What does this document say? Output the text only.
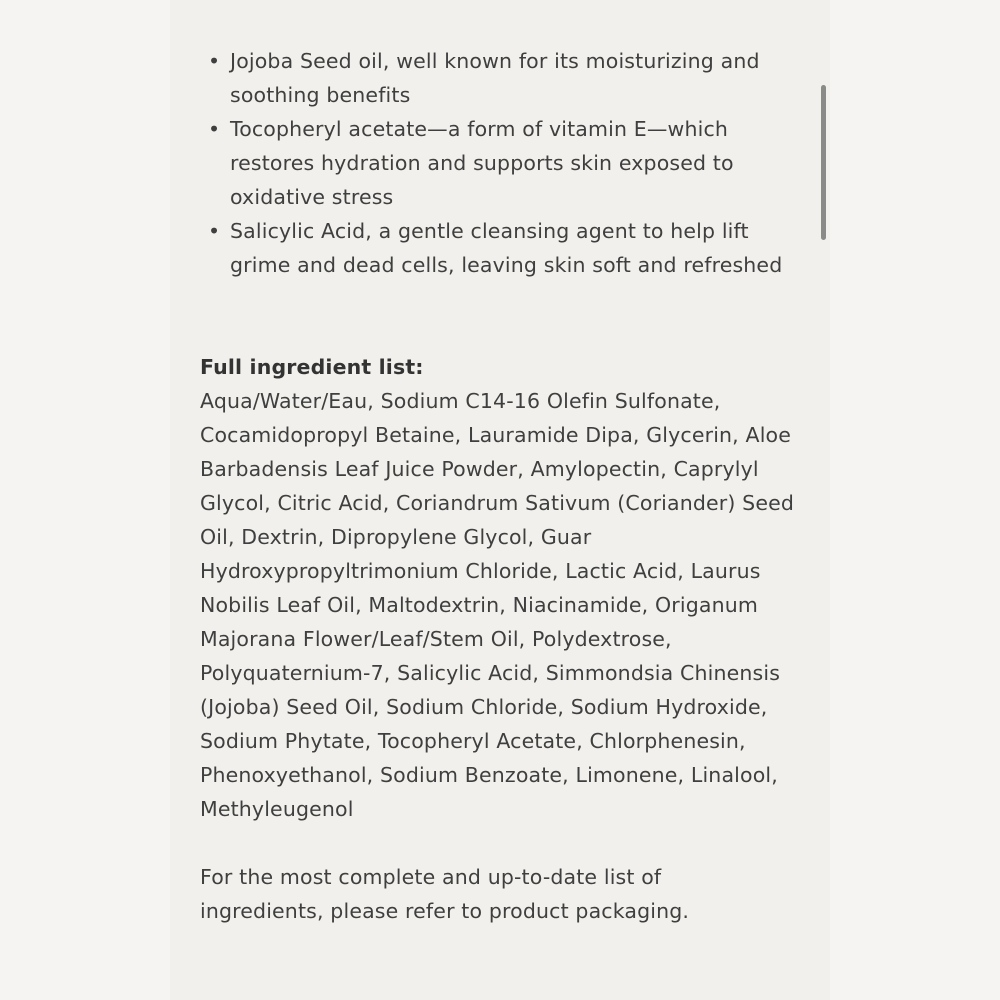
• Jojoba Seed oil, well known for its moisturizing and soothing benefits
• Tocopheryl acetate—a form of vitamin E—which restores hydration and supports skin exposed to oxidative stress
• Salicylic Acid, a gentle cleansing agent to help lift grime and dead cells, leaving skin soft and refreshed
Full ingredient list:
Aqua/Water/Eau, Sodium C14-16 Olefin Sulfonate, Cocamidopropyl Betaine, Lauramide Dipa, Glycerin, Aloe Barbadensis Leaf Juice Powder, Amylopectin, Caprylyl Glycol, Citric Acid, Coriandrum Sativum (Coriander) Seed Oil, Dextrin, Dipropylene Glycol, Guar Hydroxypropyltrimonium Chloride, Lactic Acid, Laurus Nobilis Leaf Oil, Maltodextrin, Niacinamide, Origanum Majorana Flower/Leaf/Stem Oil, Polydextrose, Polyquaternium-7, Salicylic Acid, Simmondsia Chinensis (Jojoba) Seed Oil, Sodium Chloride, Sodium Hydroxide, Sodium Phytate, Tocopheryl Acetate, Chlorphenesin, Phenoxyethanol, Sodium Benzoate, Limonene, Linalool, Methyleugenol
For the most complete and up-to-date list of ingredients, please refer to product packaging.
